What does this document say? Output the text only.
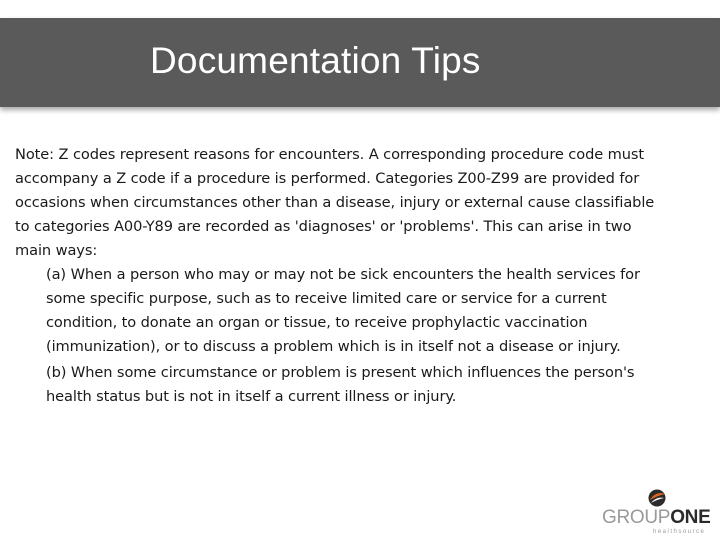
Documentation Tips

Note: Z codes represent reasons for encounters. A corresponding procedure code must accompany a Z code if a procedure is performed. Categories Z00-Z99 are provided for occasions when circumstances other than a disease, injury or external cause classifiable to categories A00-Y89 are recorded as 'diagnoses' or 'problems'. This can arise in two main ways:

(a) When a person who may or may not be sick encounters the health services for some specific purpose, such as to receive limited care or service for a current condition, to donate an organ or tissue, to receive prophylactic vaccination (immunization), or to discuss a problem which is in itself not a disease or injury.

(b) When some circumstance or problem is present which influences the person's health status but is not in itself a current illness or injury.

GROUPONE
healthsource
